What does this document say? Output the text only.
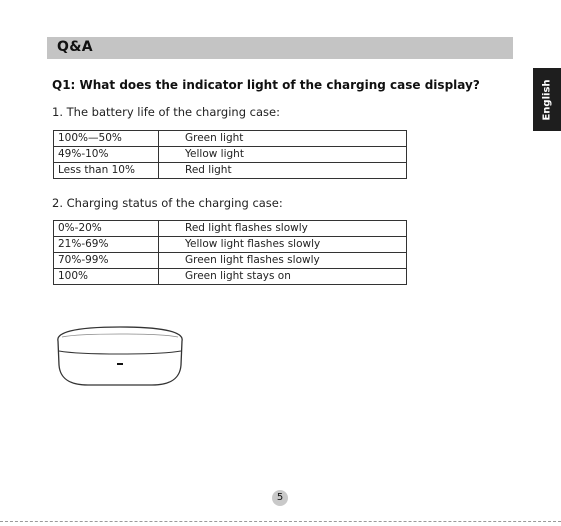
Q&A
English
Q1: What does the indicator light of the charging case display?
1. The battery life of the charging case:
100%—50%	Green light
49%-10%	Yellow light
Less than 10%	Red light
2. Charging status of the charging case:
0%-20%	Red light flashes slowly
21%-69%	Yellow light flashes slowly
70%-99%	Green light flashes slowly
100%	Green light stays on
5
